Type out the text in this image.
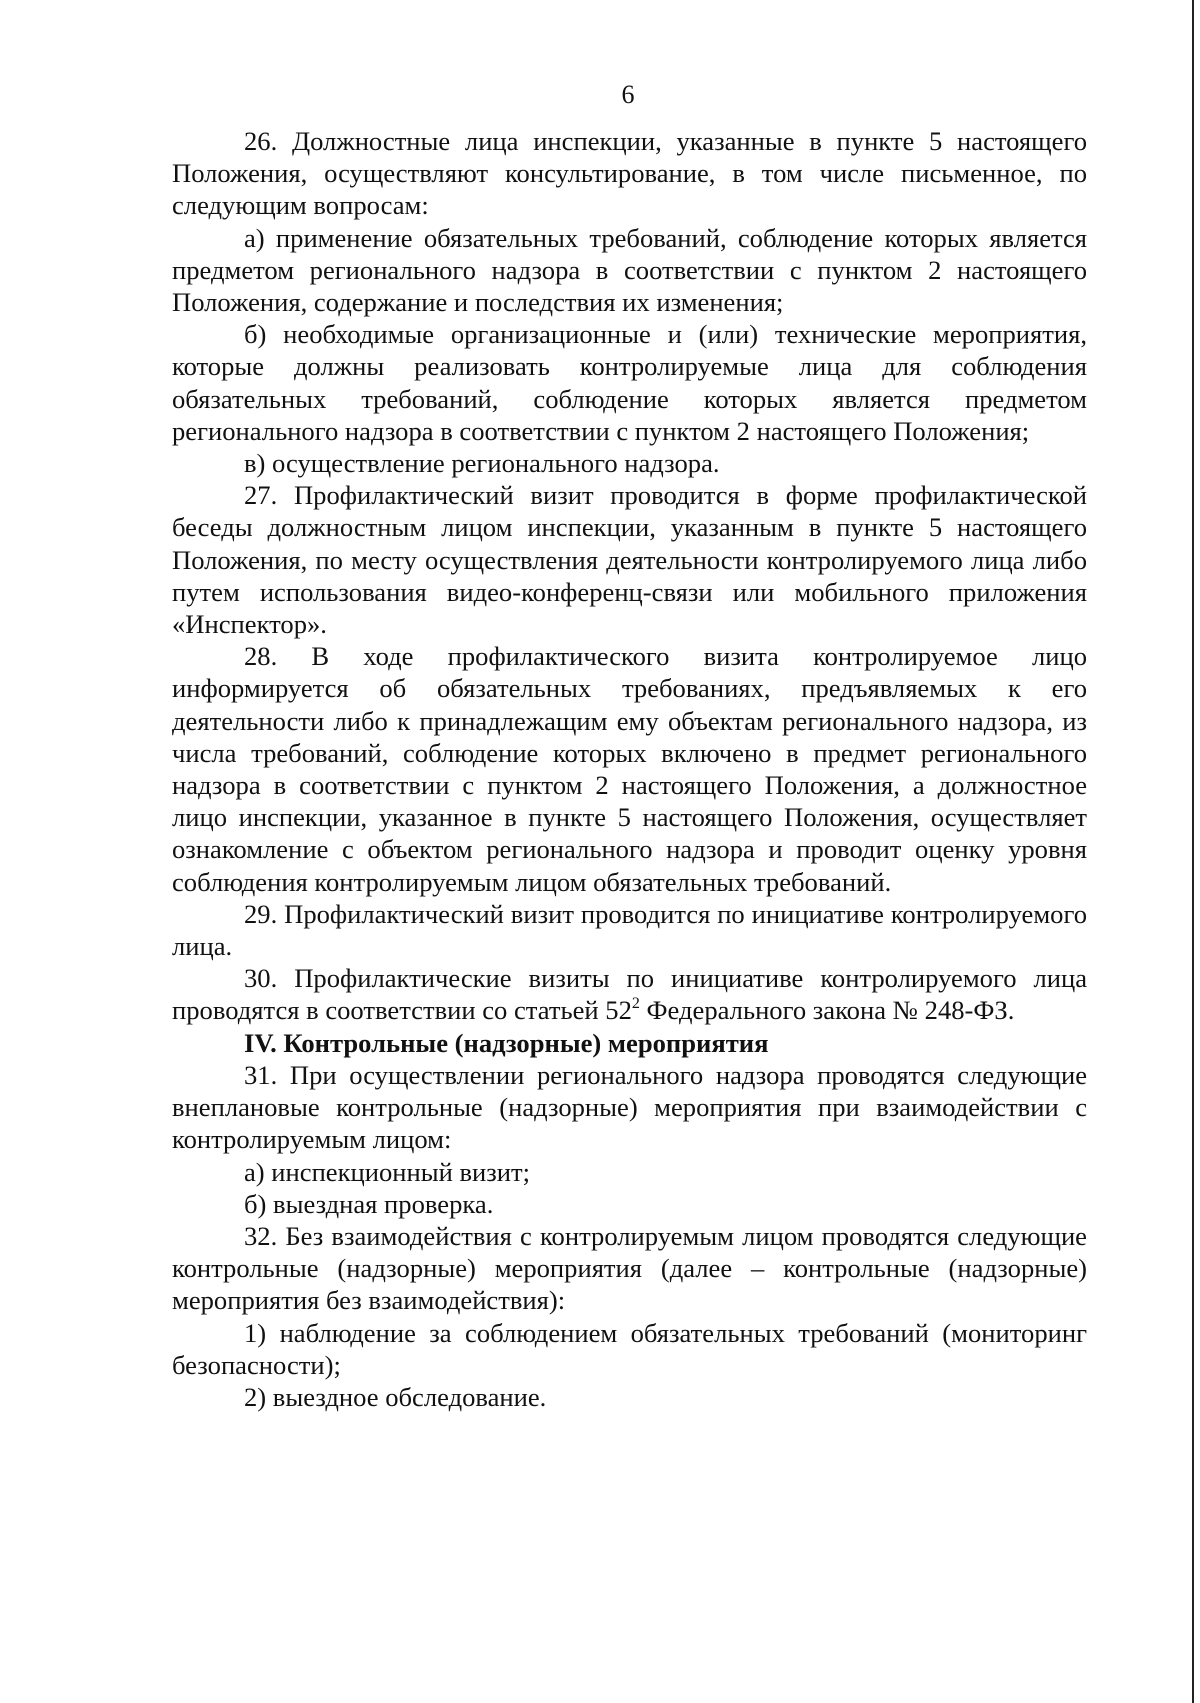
6

26. Должностные лица инспекции, указанные в пункте 5 настоящего Положения, осуществляют консультирование, в том числе письменное, по следующим вопросам:

а) применение обязательных требований, соблюдение которых является предметом регионального надзора в соответствии с пунктом 2 настоящего Положения, содержание и последствия их изменения;

б) необходимые организационные и (или) технические мероприятия, которые должны реализовать контролируемые лица для соблюдения обязательных требований, соблюдение которых является предметом регионального надзора в соответствии с пунктом 2 настоящего Положения;

в) осуществление регионального надзора.

27. Профилактический визит проводится в форме профилактической беседы должностным лицом инспекции, указанным в пункте 5 настоящего Положения, по месту осуществления деятельности контролируемого лица либо путем использования видео-конференц-связи или мобильного приложения «Инспектор».

28. В ходе профилактического визита контролируемое лицо информируется об обязательных требованиях, предъявляемых к его деятельности либо к принадлежащим ему объектам регионального надзора, из числа требований, соблюдение которых включено в предмет регионального надзора в соответствии с пунктом 2 настоящего Положения, а должностное лицо инспекции, указанное в пункте 5 настоящего Положения, осуществляет ознакомление с объектом регионального надзора и проводит оценку уровня соблюдения контролируемым лицом обязательных требований.

29. Профилактический визит проводится по инициативе контролируемого лица.

30. Профилактические визиты по инициативе контролируемого лица проводятся в соответствии со статьей $52^2$ Федерального закона № 248-ФЗ.

IV. Контрольные (надзорные) мероприятия

31. При осуществлении регионального надзора проводятся следующие внеплановые контрольные (надзорные) мероприятия при взаимодействии с контролируемым лицом:

а) инспекционный визит;

б) выездная проверка.

32. Без взаимодействия с контролируемым лицом проводятся следующие контрольные (надзорные) мероприятия (далее – контрольные (надзорные) мероприятия без взаимодействия):

1) наблюдение за соблюдением обязательных требований (мониторинг безопасности);

2) выездное обследование.
